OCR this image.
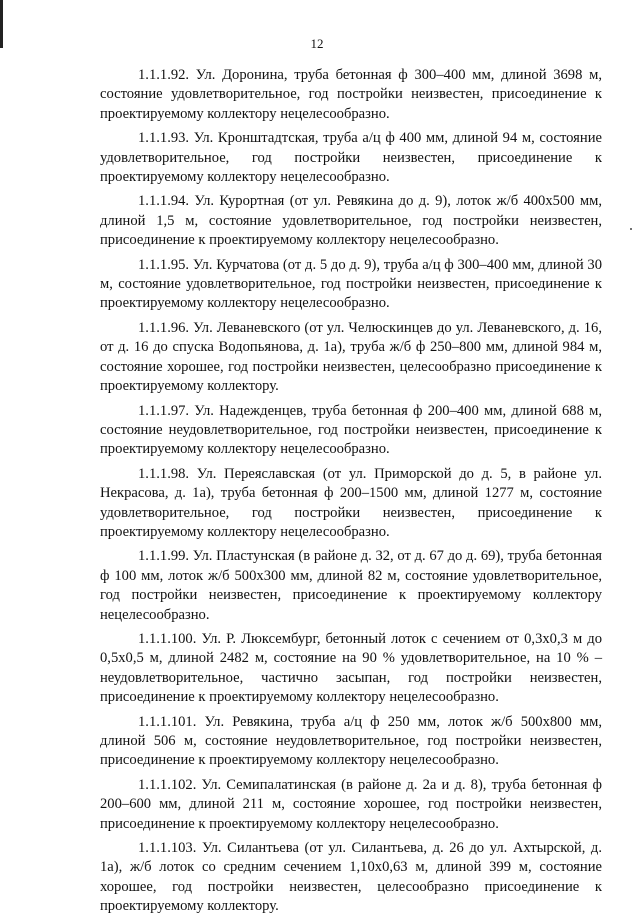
12

1.1.1.92. Ул. Доронина, труба бетонная ф 300–400 мм, длиной 3698 м, состояние удовлетворительное, год постройки неизвестен, присоединение к проектируемому коллектору нецелесообразно.

1.1.1.93. Ул. Кронштадтская, труба а/ц ф 400 мм, длиной 94 м, состояние удовлетворительное, год постройки неизвестен, присоединение к проектируемому коллектору нецелесообразно.

1.1.1.94. Ул. Курортная (от ул. Ревякина до д. 9), лоток ж/б 400х500 мм, длиной 1,5 м, состояние удовлетворительное, год постройки неизвестен, присоединение к проектируемому коллектору нецелесообразно.

1.1.1.95. Ул. Курчатова (от д. 5 до д. 9), труба а/ц ф 300–400 мм, длиной 30 м, состояние удовлетворительное, год постройки неизвестен, присоединение к проектируемому коллектору нецелесообразно.

1.1.1.96. Ул. Леваневского (от ул. Челюскинцев до ул. Леваневского, д. 16, от д. 16 до спуска Водопьянова, д. 1а), труба ж/б ф 250–800 мм, длиной 984 м, состояние хорошее, год постройки неизвестен, целесообразно присоединение к проектируемому коллектору.

1.1.1.97. Ул. Надежденцев, труба бетонная ф 200–400 мм, длиной 688 м, состояние неудовлетворительное, год постройки неизвестен, присоединение к проектируемому коллектору нецелесообразно.

1.1.1.98. Ул. Переяславская (от ул. Приморской до д. 5, в районе ул. Некрасова, д. 1а), труба бетонная ф 200–1500 мм, длиной 1277 м, состояние удовлетворительное, год постройки неизвестен, присоединение к проектируемому коллектору нецелесообразно.

1.1.1.99. Ул. Пластунская (в районе д. 32, от д. 67 до д. 69), труба бетонная ф 100 мм, лоток ж/б 500х300 мм, длиной 82 м, состояние удовлетворительное, год постройки неизвестен, присоединение к проектируемому коллектору нецелесообразно.

1.1.1.100. Ул. Р. Люксембург, бетонный лоток с сечением от 0,3х0,3 м до 0,5х0,5 м, длиной 2482 м, состояние на 90 % удовлетворительное, на 10 % – неудовлетворительное, частично засыпан, год постройки неизвестен, присоединение к проектируемому коллектору нецелесообразно.

1.1.1.101. Ул. Ревякина, труба а/ц ф 250 мм, лоток ж/б 500х800 мм, длиной 506 м, состояние неудовлетворительное, год постройки неизвестен, присоединение к проектируемому коллектору нецелесообразно.

1.1.1.102. Ул. Семипалатинская (в районе д. 2а и д. 8), труба бетонная ф 200–600 мм, длиной 211 м, состояние хорошее, год постройки неизвестен, присоединение к проектируемому коллектору нецелесообразно.

1.1.1.103. Ул. Силантьева (от ул. Силантьева, д. 26 до ул. Ахтырской, д. 1а), ж/б лоток со средним сечением 1,10х0,63 м, длиной 399 м, состояние хорошее, год постройки неизвестен, целесообразно присоединение к проектируемому коллектору.
